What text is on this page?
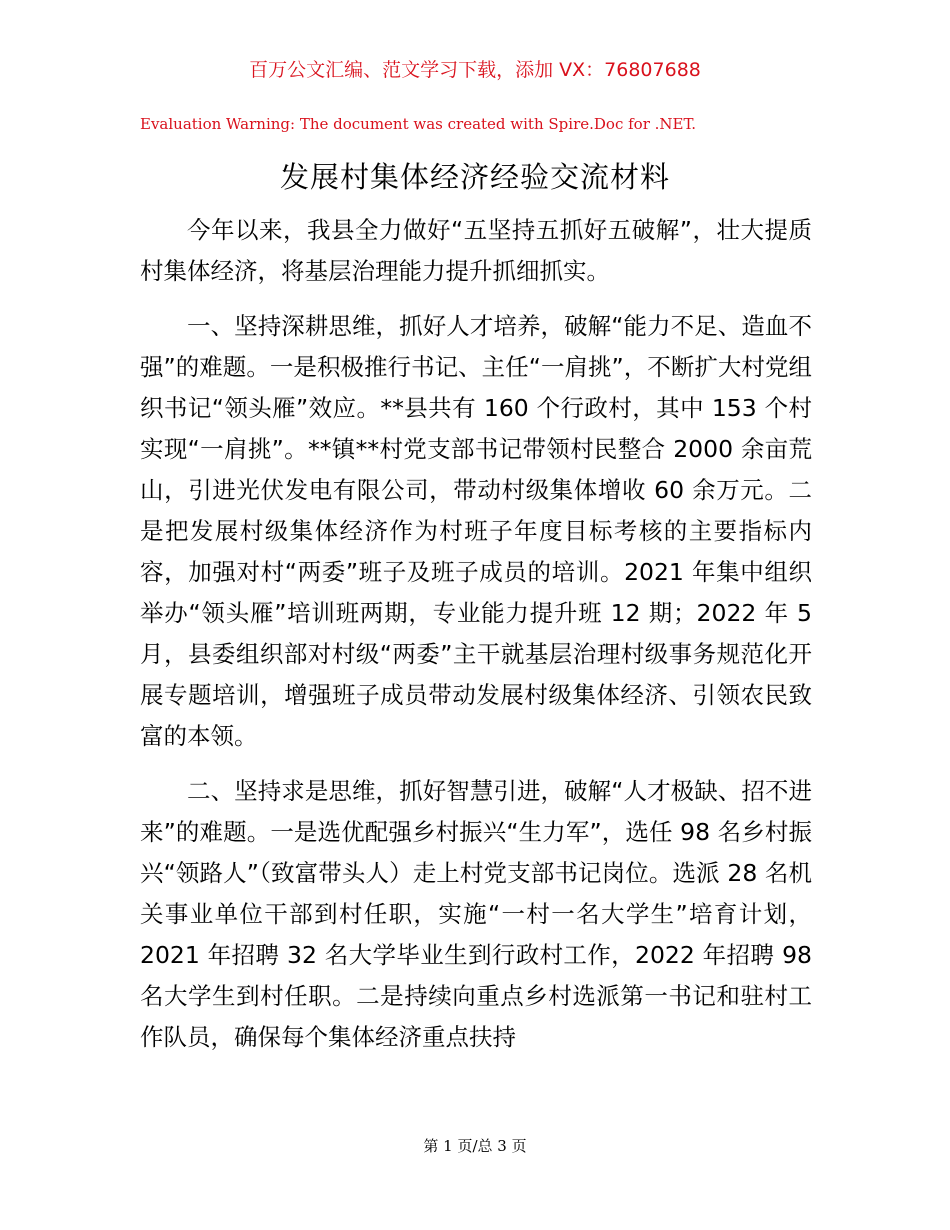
百万公文汇编、范文学习下载，添加 VX：76807688
Evaluation Warning: The document was created with Spire.Doc for .NET.
发展村集体经济经验交流材料

今年以来，我县全力做好“五坚持五抓好五破解”，壮大提质村集体经济，将基层治理能力提升抓细抓实。

一、坚持深耕思维，抓好人才培养，破解“能力不足、造血不强”的难题。一是积极推行书记、主任“一肩挑”，不断扩大村党组织书记“领头雁”效应。**县共有 160 个行政村，其中 153 个村实现“一肩挑”。**镇**村党支部书记带领村民整合 2000 余亩荒山，引进光伏发电有限公司，带动村级集体增收 60 余万元。二是把发展村级集体经济作为村班子年度目标考核的主要指标内容，加强对村“两委”班子及班子成员的培训。2021 年集中组织举办“领头雁”培训班两期，专业能力提升班 12 期；2022 年 5 月，县委组织部对村级“两委”主干就基层治理村级事务规范化开展专题培训，增强班子成员带动发展村级集体经济、引领农民致富的本领。

二、坚持求是思维，抓好智慧引进，破解“人才极缺、招不进来”的难题。一是选优配强乡村振兴“生力军”，选任 98 名乡村振兴“领路人”（致富带头人）走上村党支部书记岗位。选派 28 名机关事业单位干部到村任职，实施“一村一名大学生”培育计划，2021 年招聘 32 名大学毕业生到行政村工作，2022 年招聘 98 名大学生到村任职。二是持续向重点乡村选派第一书记和驻村工作队员，确保每个集体经济重点扶持

第 1 页/总 3 页
